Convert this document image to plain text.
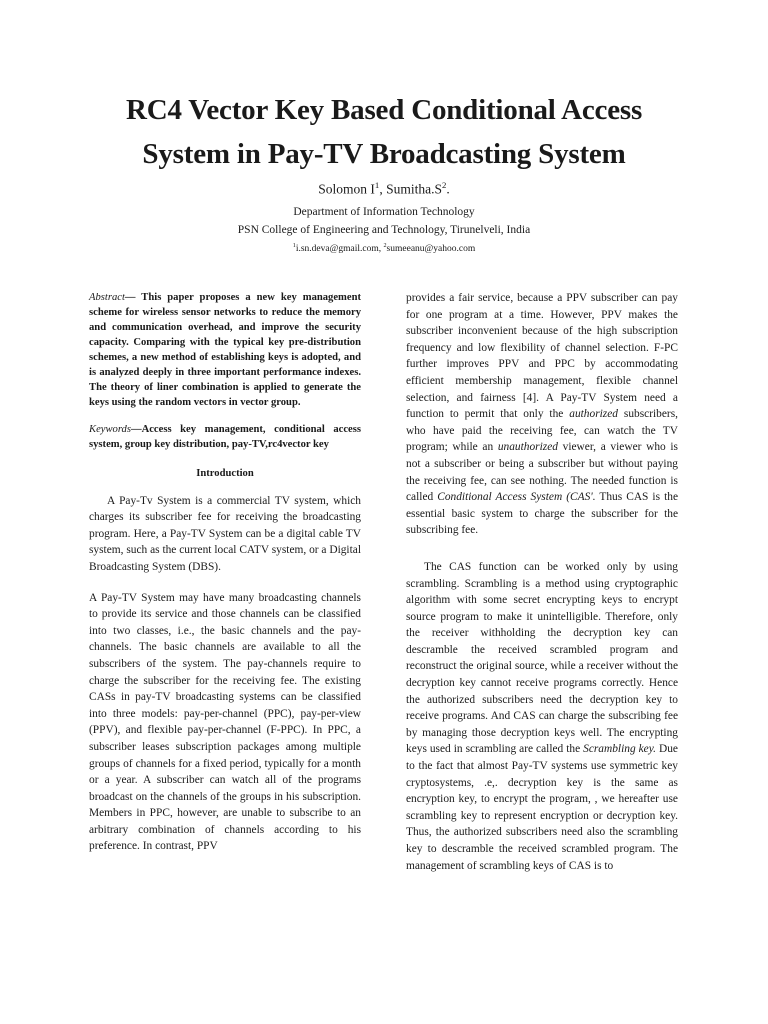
RC4 Vector Key Based Conditional Access
System in Pay-TV Broadcasting System
Solomon $I^1$, $Sumitha.S^2$.
Department of Information Technology
PSN College of Engineering and Technology, Tirunelveli, India
$^1$i.sn.deva@gmail.com, $^2$sumeeanu@yahoo.com
Abstract— This paper proposes a new key management scheme for wireless sensor networks to reduce the memory and communication overhead, and improve the security capacity. Comparing with the typical key pre-distribution schemes, a new method of establishing keys is adopted, and is analyzed deeply in three important performance indexes. The theory of liner combination is applied to generate the keys using the random vectors in vector group.
Keywords—Access key management, conditional access system, group key distribution, pay-TV,rc4vector key
Introduction

A Pay-Tv System is a commercial TV system, which charges its subscriber fee for receiving the broadcasting program. Here, a Pay-TV System can be a digital cable TV system, such as the current local CATV system, or a Digital Broadcasting System (DBS).

A Pay-TV System may have many broadcasting channels to provide its service and those channels can be classified into two classes, i.e., the basic channels and the pay-channels. The basic channels are available to all the subscribers of the system. The pay-channels require to charge the subscriber for the receiving fee. The existing CASs in pay-TV broadcasting systems can be classified into three models: pay-per-channel (PPC), pay-per-view (PPV), and flexible pay-per-channel (F-PPC). In PPC, a subscriber leases subscription packages among multiple groups of channels for a fixed period, typically for a month or a year. A subscriber can watch all of the programs broadcast on the channels of the groups in his subscription. Members in PPC, however, are unable to subscribe to an arbitrary combination of channels according to his preference. In contrast, PPV

provides a fair service, because a PPV subscriber can pay for one program at a time. However, PPV makes the subscriber inconvenient because of the high subscription frequency and low flexibility of channel selection. F-PC further improves PPV and PPC by accommodating efficient membership management, flexible channel selection, and fairness [4]. A Pay-TV System need a function to permit that only the authorized subscribers, who have paid the receiving fee, can watch the TV program; while an unauthorized viewer, a viewer who is not a subscriber or being a subscriber but without paying the receiving fee, can see nothing. The needed function is called Conditional Access System (CAS'. Thus CAS is the essential basic system to charge the subscriber for the subscribing fee.

The CAS function can be worked only by using scrambling. Scrambling is a method using cryptographic algorithm with some secret encrypting keys to encrypt source program to make it unintelligible. Therefore, only the receiver withholding the decryption key can descramble the received scrambled program and reconstruct the original source, while a receiver without the decryption key cannot receive programs correctly. Hence the authorized subscribers need the decryption key to receive programs. And CAS can charge the subscribing fee by managing those decryption keys well. The encrypting keys used in scrambling are called the Scrambling key. Due to the fact that almost Pay-TV systems use symmetric key cryptosystems, .e,. decryption key is the same as encryption key, to encrypt the program, , we hereafter use scrambling key to represent encryption or decryption key. Thus, the authorized subscribers need also the scrambling key to descramble the received scrambled program. The management of scrambling keys of CAS is to
